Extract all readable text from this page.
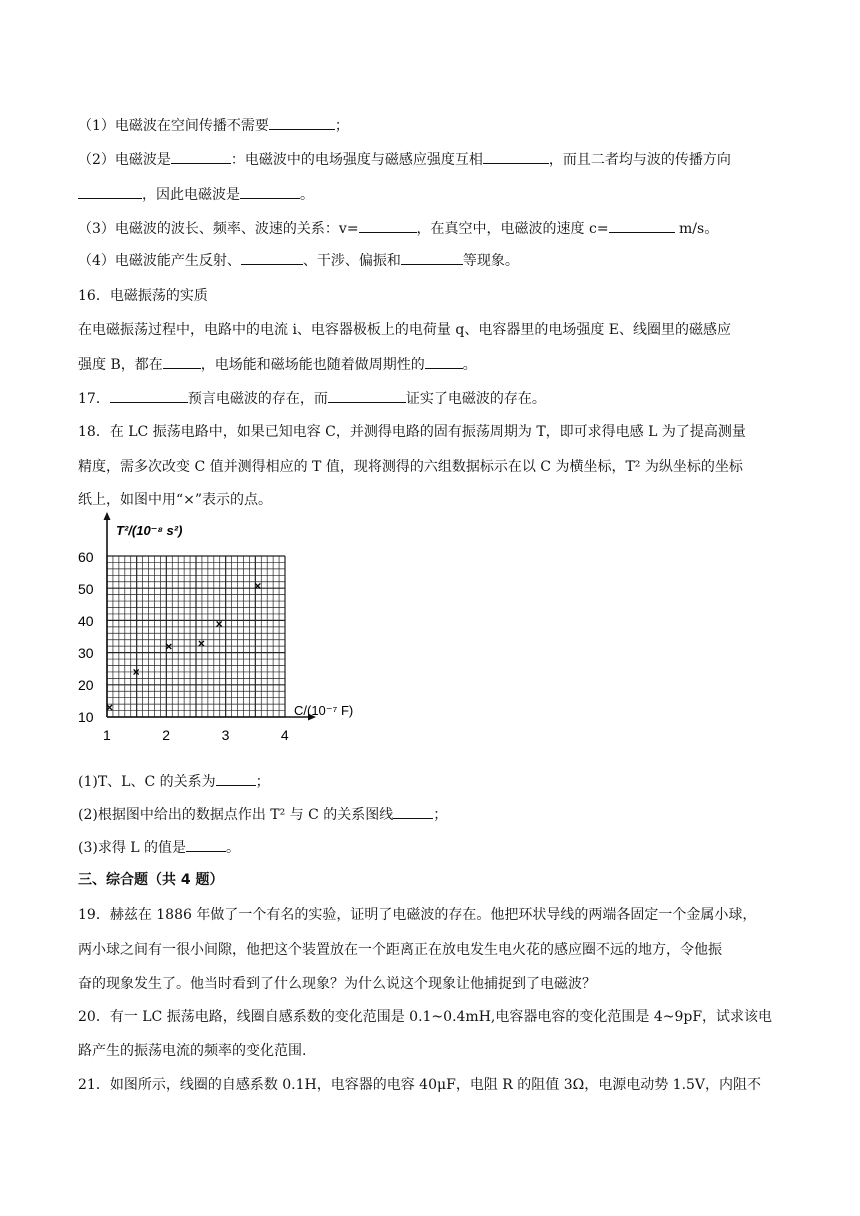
（1）电磁波在空间传播不需要	；
（2）电磁波是	：电磁波中的电场强度与磁感应强度互相	，而且二者均与波的传播方向
，因此电磁波是	。
（3）电磁波的波长、频率、波速的关系：v=	，在真空中，电磁波的速度 c=	m/s。
（4）电磁波能产生反射、	、干涉、偏振和	等现象。
16．电磁振荡的实质
在电磁振荡过程中，电路中的电流 i、电容器极板上的电荷量 q、电容器里的电场强度 E、线圈里的磁感应
强度 B，都在	，电场能和磁场能也随着做周期性的	。
17．	预言电磁波的存在，而	证实了电磁波的存在。
18．在 LC 振荡电路中，如果已知电容 C，并测得电路的固有振荡周期为 T，即可求得电感 L 为了提高测量
精度，需多次改变 C 值并测得相应的 T 值，现将测得的六组数据标示在以 C 为横坐标，T² 为纵坐标的坐标
纸上，如图中用“×”表示的点。
(1)T、L、C 的关系为	；
(2)根据图中给出的数据点作出 T² 与 C 的关系图线	；
(3)求得 L 的值是	。
三、综合题（共 4 题）
19．赫兹在 1886 年做了一个有名的实验，证明了电磁波的存在。他把环状导线的两端各固定一个金属小球，
两小球之间有一很小间隙，他把这个装置放在一个距离正在放电发生电火花的感应圈不远的地方，令他振
奋的现象发生了。他当时看到了什么现象？为什么说这个现象让他捕捉到了电磁波？
20．有一 LC 振荡电路，线圈自感系数的变化范围是 0.1~0.4mH,电容器电容的变化范围是 4~9pF，试求该电
路产生的振荡电流的频率的变化范围.
21．如图所示，线圈的自感系数 0.1H，电容器的电容 40μF，电阻 R 的阻值 3Ω，电源电动势 1.5V，内阻不
T²/(10⁻⁸ s²)
C/(10⁻⁷ F)
60
50
40
30
20
10
1	2	3	4
×
×
× ×
×
×
